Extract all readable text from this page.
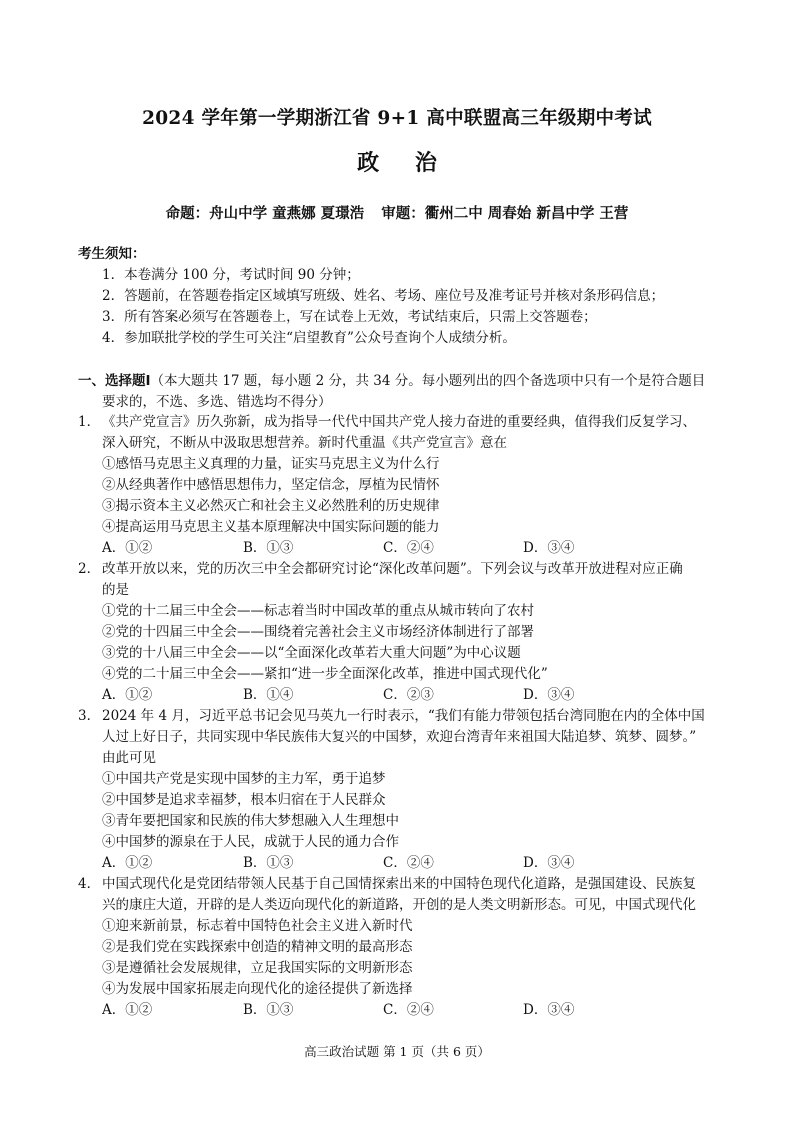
2024 学年第一学期浙江省 9+1 高中联盟高三年级期中考试
政 治
命题：舟山中学 童燕娜 夏璟浩 审题：衢州二中 周春始 新昌中学 王营
考生须知：
1．本卷满分 100 分，考试时间 90 分钟；
2．答题前，在答题卷指定区域填写班级、姓名、考场、座位号及准考证号并核对条形码信息；
3．所有答案必须写在答题卷上，写在试卷上无效，考试结束后，只需上交答题卷；
4．参加联批学校的学生可关注“启望教育”公众号查询个人成绩分析。
一、选择题Ⅰ（本大题共 17 题，每小题 2 分，共 34 分。每小题列出的四个备选项中只有一个是符合题目
要求的，不选、多选、错选均不得分）
1． 《共产党宣言》历久弥新，成为指导一代代中国共产党人接力奋进的重要经典，值得我们反复学习、
深入研究，不断从中汲取思想营养。新时代重温《共产党宣言》意在
①感悟马克思主义真理的力量，证实马克思主义为什么行
②从经典著作中感悟思想伟力，坚定信念，厚植为民情怀
③揭示资本主义必然灭亡和社会主义必然胜利的历史规律
④提高运用马克思主义基本原理解决中国实际问题的能力
A．①②	B．①③	C．②④	D．③④
2． 改革开放以来，党的历次三中全会都研究讨论“深化改革问题”。下列会议与改革开放进程对应正确
的是
①党的十二届三中全会——标志着当时中国改革的重点从城市转向了农村
②党的十四届三中全会——围绕着完善社会主义市场经济体制进行了部署
③党的十八届三中全会——以“全面深化改革若大重大问题”为中心议题
④党的二十届三中全会——紧扣“进一步全面深化改革，推进中国式现代化”
A．①②	B．①④	C．②③	D．③④
3． 2024 年 4 月，习近平总书记会见马英九一行时表示，“我们有能力带领包括台湾同胞在内的全体中国
人过上好日子，共同实现中华民族伟大复兴的中国梦，欢迎台湾青年来祖国大陆追梦、筑梦、圆梦。”
由此可见
①中国共产党是实现中国梦的主力军，勇于追梦
②中国梦是追求幸福梦，根本归宿在于人民群众
③青年要把国家和民族的伟大梦想融入人生理想中
④中国梦的源泉在于人民，成就于人民的通力合作
A．①②	B．①③	C．②④	D．③④
4． 中国式现代化是党团结带领人民基于自己国情探索出来的中国特色现代化道路，是强国建设、民族复
兴的康庄大道，开辟的是人类迈向现代化的新道路，开创的是人类文明新形态。可见，中国式现代化
①迎来新前景，标志着中国特色社会主义进入新时代
②是我们党在实践探索中创造的精神文明的最高形态
③是遵循社会发展规律，立足我国实际的文明新形态
④为发展中国家拓展走向现代化的途径提供了新选择
A．①②	B．①③	C．②④	D．③④
高三政治试题 第 1 页（共 6 页）
